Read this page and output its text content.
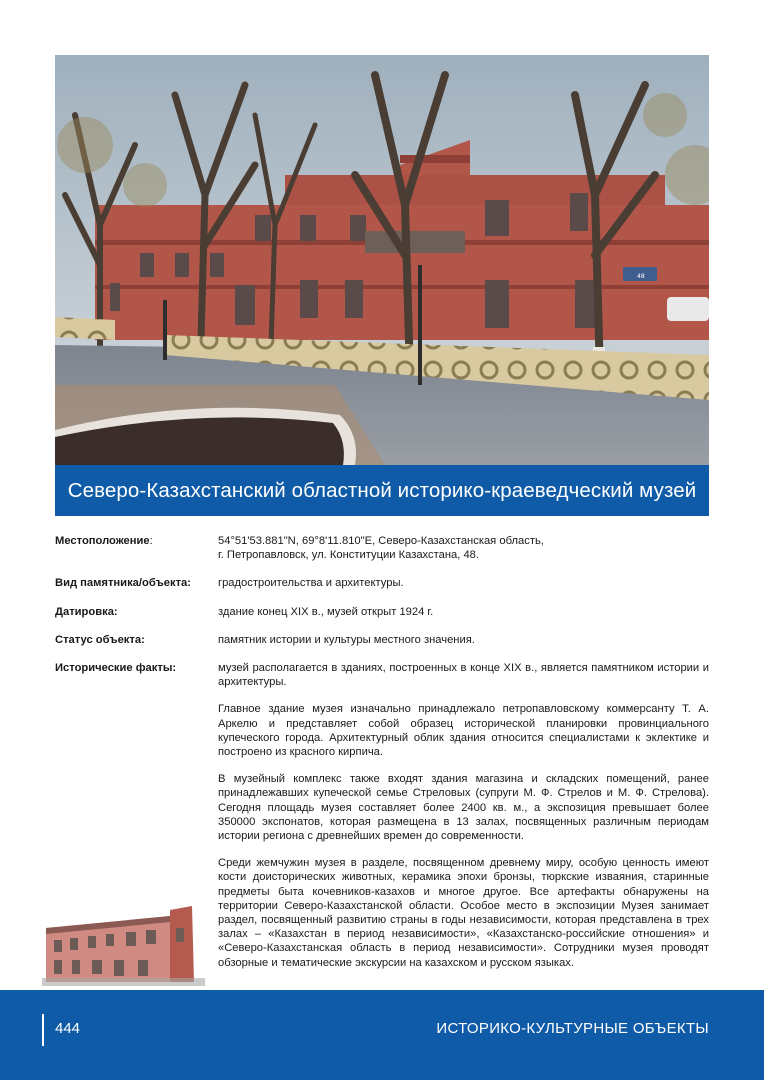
48
Северо-Казахстанский областной историко-краеведческий музей
Местоположение:	54°51'53.881"N, 69°8'11.810"E, Северо-Казахстанская область,

г. Петропавловск, ул. Конституции Казахстана, 48.

Вид памятника/объекта:	градостроительства и архитектуры.
Датировка:	здание конец XIX в., музей открыт 1924 г.
Статус объекта:	памятник истории и культуры местного значения.
Исторические факты:	музей располагается в зданиях, построенных в конце XIX в., является памятником истории и архитектуры.

Главное здание музея изначально принадлежало петропавловскому коммерсанту Т. А. Аркелю и представляет собой образец исторической планировки провинциального купеческого города. Архитектурный облик здания относится специалистами к эклектике и построено из красного кирпича.

В музейный комплекс также входят здания магазина и складских помещений, ранее принадлежавших купеческой семье Стреловых (супруги М. Ф. Стрелов и М. Ф. Стрелова). Сегодня площадь музея составляет более 2400 кв. м., а экспозиция превышает более 350000 экспонатов, которая размещена в 13 залах, посвященных различным периодам истории региона с древнейших времен до современности.

Среди жемчужин музея в разделе, посвященном древнему миру, особую ценность имеют кости доисторических животных, керамика эпохи бронзы, тюркские изваяния, старинные предметы быта кочевников-казахов и многое другое. Все артефакты обнаружены на территории Северо-Казахстанской области. Особое место в экспозиции Музея занимает раздел, посвященный развитию страны в годы независимости, которая представлена в трех залах – «Казахстан в период независимости», «Казахстанско-российские отношения» и «Северо-Казахстанская область в период независимости». Сотрудники музея проводят обзорные и тематические экскурсии на казахском и русском языках.

444	ИСТОРИКО-КУЛЬТУРНЫЕ ОБЪЕКТЫ
